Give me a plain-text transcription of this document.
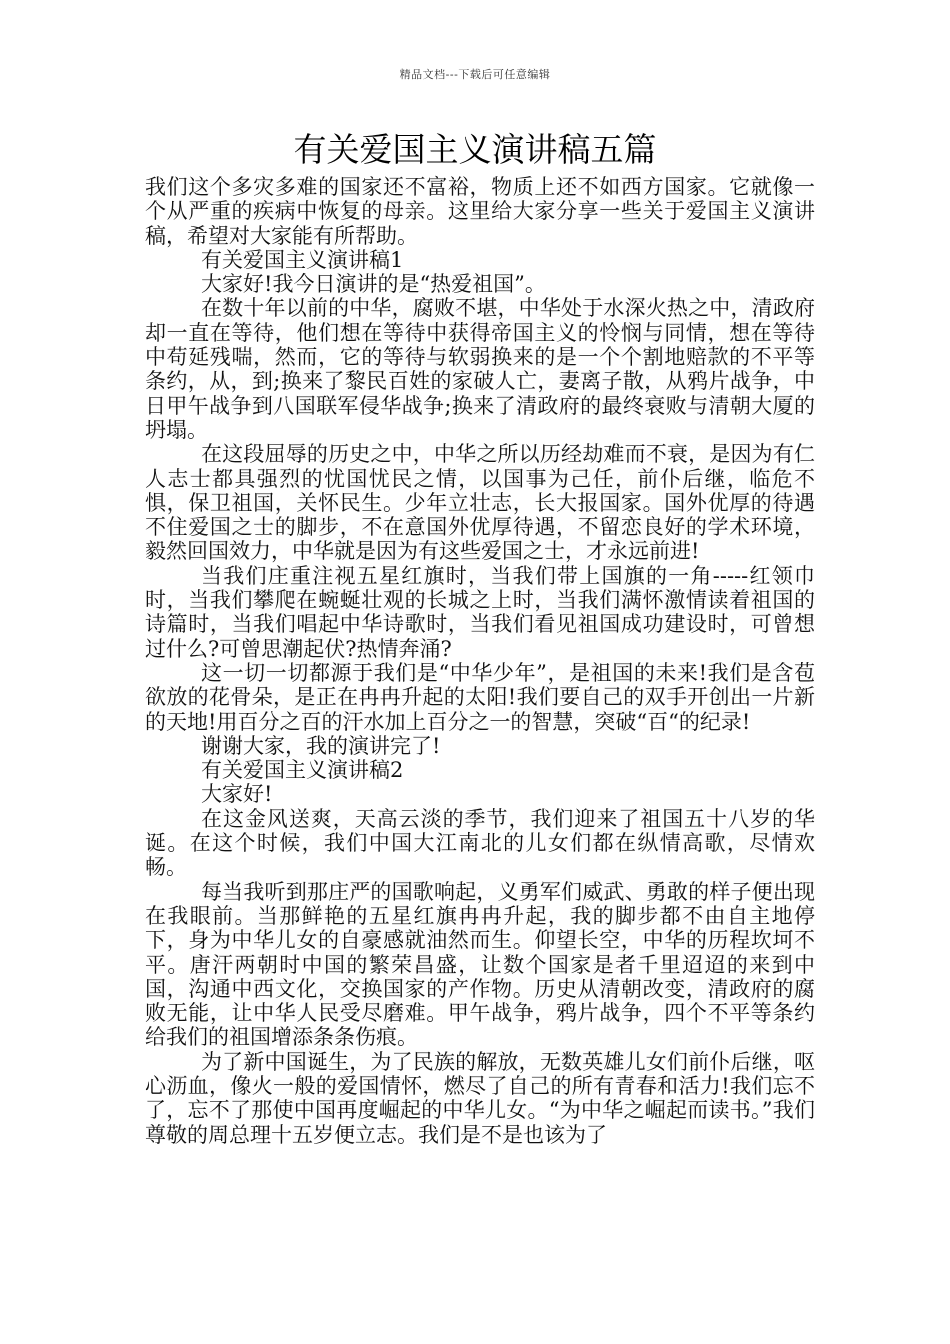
精品文档---下载后可任意编辑
有关爱国主义演讲稿五篇

我们这个多灾多难的国家还不富裕，物质上还不如西方国家。它就像一个从严重的疾病中恢复的母亲。这里给大家分享一些关于爱国主义演讲稿，希望对大家能有所帮助。

有关爱国主义演讲稿1

大家好!我今日演讲的是“热爱祖国”。

在数十年以前的中华，腐败不堪，中华处于水深火热之中，清政府却一直在等待，他们想在等待中获得帝国主义的怜悯与同情，想在等待中苟延残喘，然而，它的等待与软弱换来的是一个个割地赔款的不平等条约，从，到;换来了黎民百姓的家破人亡，妻离子散，从鸦片战争，中日甲午战争到八国联军侵华战争;换来了清政府的最终衰败与清朝大厦的坍塌。

在这段屈辱的历史之中，中华之所以历经劫难而不衰，是因为有仁人志士都具强烈的忧国忧民之情，以国事为己任，前仆后继，临危不惧，保卫祖国，关怀民生。少年立壮志，长大报国家。国外优厚的待遇不住爱国之士的脚步，不在意国外优厚待遇，不留恋良好的学术环境，毅然回国效力，中华就是因为有这些爱国之士，才永远前进!

当我们庄重注视五星红旗时，当我们带上国旗的一角-----红领巾时，当我们攀爬在蜿蜒壮观的长城之上时，当我们满怀激情读着祖国的诗篇时，当我们唱起中华诗歌时，当我们看见祖国成功建设时，可曾想过什么?可曾思潮起伏?热情奔涌?

这一切一切都源于我们是“中华少年”，是祖国的未来!我们是含苞欲放的花骨朵，是正在冉冉升起的太阳!我们要自己的双手开创出一片新的天地!用百分之百的汗水加上百分之一的智慧，突破“百“的纪录!

谢谢大家，我的演讲完了!

有关爱国主义演讲稿2

大家好!

在这金风送爽，天高云淡的季节，我们迎来了祖国五十八岁的华诞。在这个时候，我们中国大江南北的儿女们都在纵情高歌，尽情欢畅。

每当我听到那庄严的国歌响起，义勇军们威武、勇敢的样子便出现在我眼前。当那鲜艳的五星红旗冉冉升起，我的脚步都不由自主地停下，身为中华儿女的自豪感就油然而生。仰望长空，中华的历程坎坷不平。唐汗两朝时中国的繁荣昌盛，让数个国家是者千里迢迢的来到中国，沟通中西文化，交换国家的产作物。历史从清朝改变，清政府的腐败无能，让中华人民受尽磨难。甲午战争，鸦片战争，四个不平等条约给我们的祖国增添条条伤痕。

为了新中国诞生，为了民族的解放，无数英雄儿女们前仆后继，呕心沥血，像火一般的爱国情怀，燃尽了自己的所有青春和活力!我们忘不了，忘不了那使中国再度崛起的中华儿女。“为中华之崛起而读书。”我们尊敬的周总理十五岁便立志。我们是不是也该为了
